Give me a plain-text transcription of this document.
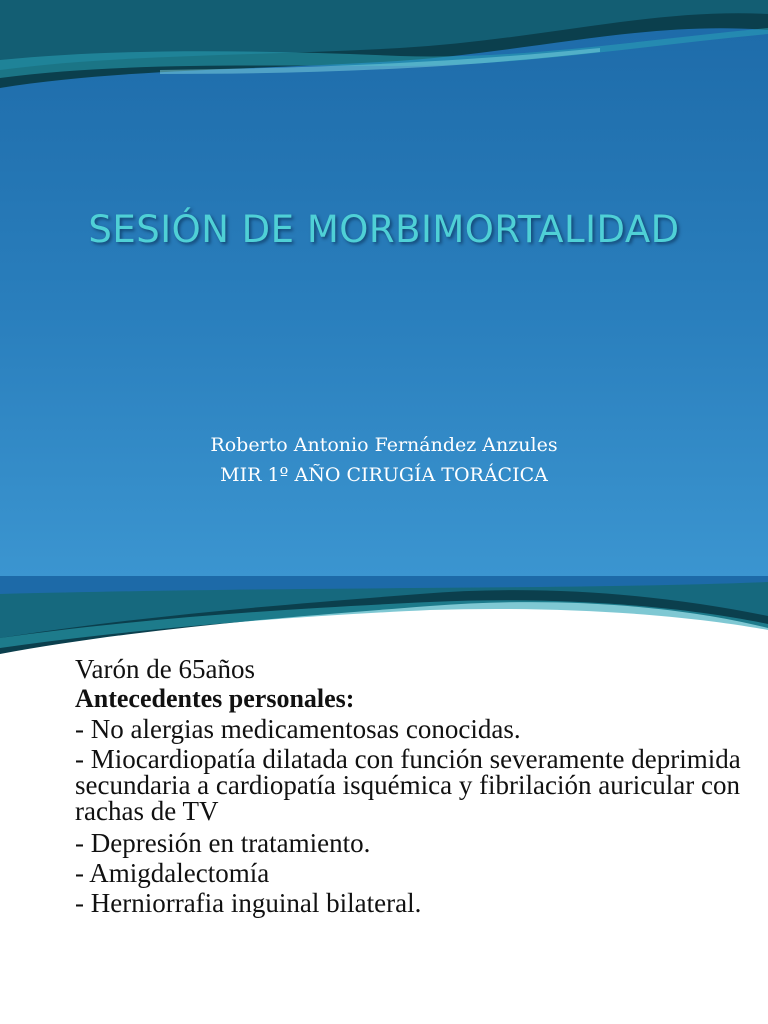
SESIÓN DE MORBIMORTALIDAD
Roberto Antonio Fernández Anzules
MIR 1º AÑO CIRUGÍA TORÁCICA
Varón de 65años
Antecedentes personales:
- No alergias medicamentosas conocidas.
- Miocardiopatía dilatada con función severamente deprimida secundaria a cardiopatía isquémica y fibrilación auricular con rachas de TV
- Depresión en tratamiento.
- Amigdalectomía
- Herniorrafia inguinal bilateral.
